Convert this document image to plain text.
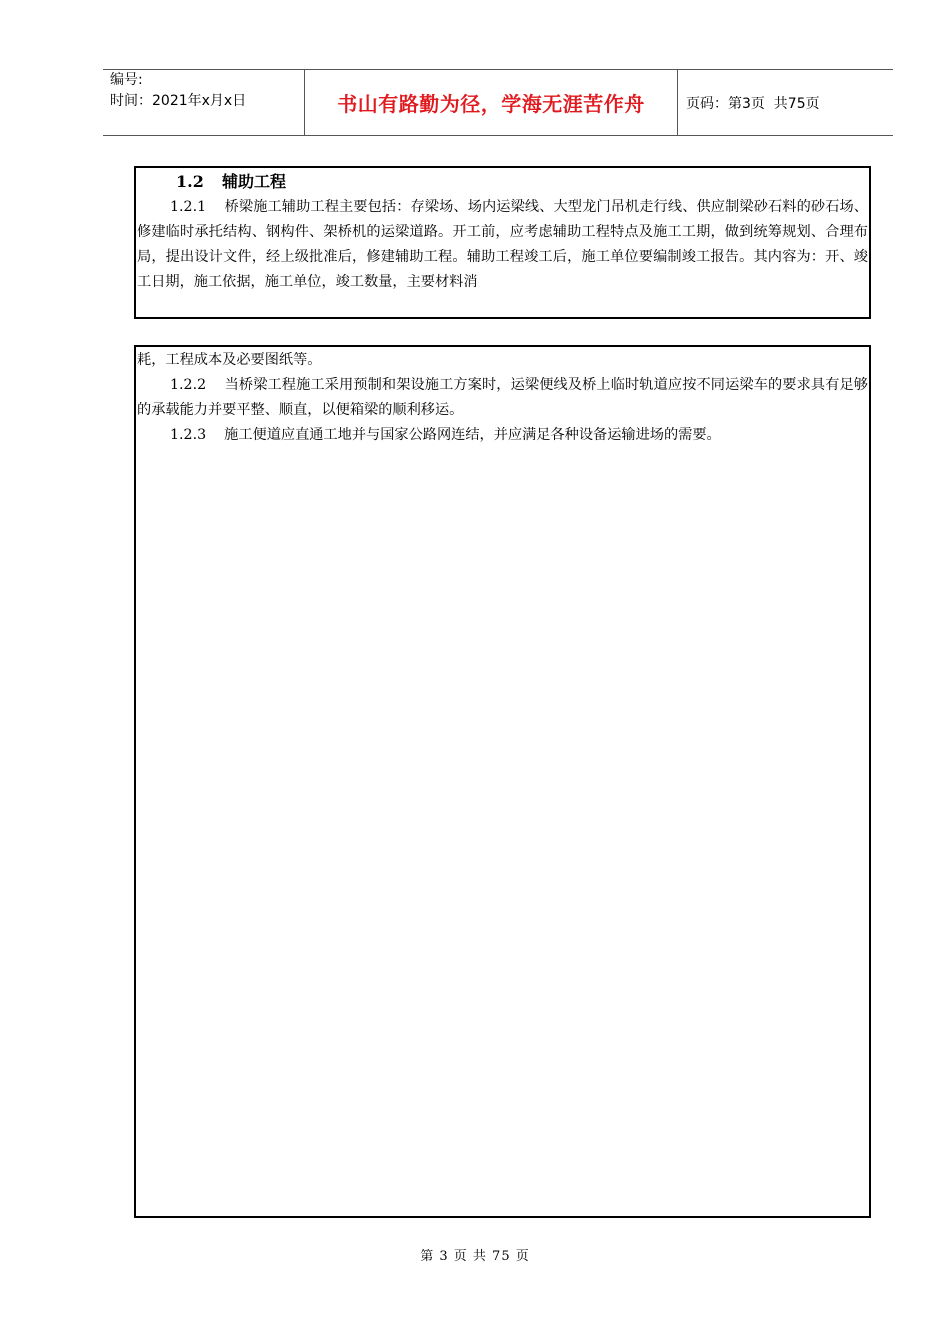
编号:
时间：2021年x月x日	书山有路勤为径，学海无涯苦作舟	页码：第3页  共75页
1.2 辅助工程
1.2.1    桥梁施工辅助工程主要包括：存梁场、场内运梁线、大型龙门吊机走行线、供应制梁砂石料的砂石场、修建临时承托结构、钢构件、架桥机的运梁道路。开工前，应考虑辅助工程特点及施工工期，做到统筹规划、合理布局，提出设计文件，经上级批准后，修建辅助工程。辅助工程竣工后，施工单位要编制竣工报告。其内容为：开、竣工日期，施工依据，施工单位，竣工数量，主要材料消
耗，工程成本及必要图纸等。
1.2.2    当桥梁工程施工采用预制和架设施工方案时，运梁便线及桥上临时轨道应按不同运梁车的要求具有足够的承载能力并要平整、顺直，以便箱梁的顺利移运。
1.2.3    施工便道应直通工地并与国家公路网连结，并应满足各种设备运输进场的需要。
第 3 页 共 75 页
